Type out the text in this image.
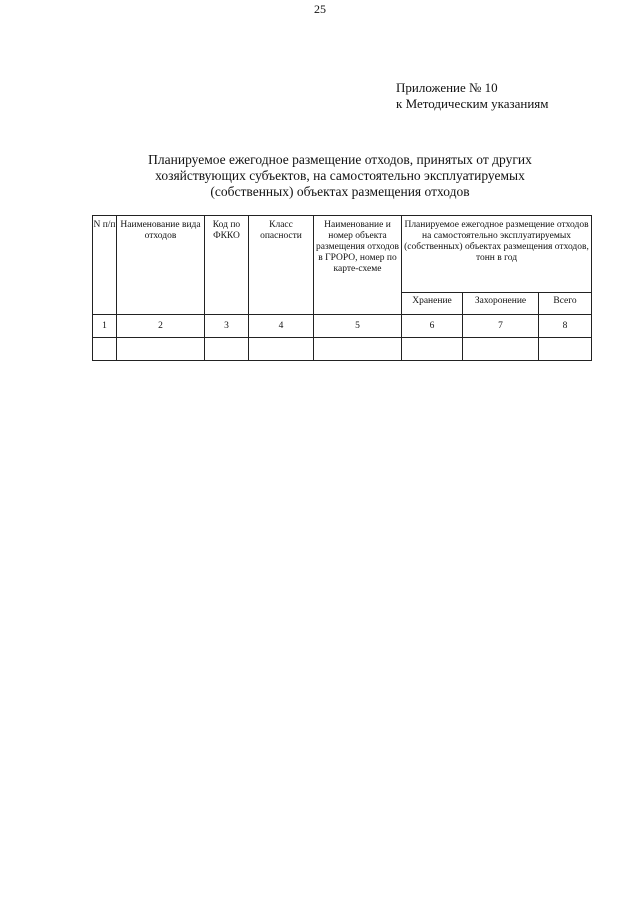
25
Приложение № 10
к Методическим указаниям
Планируемое ежегодное размещение отходов, принятых от других
хозяйствующих субъектов, на самостоятельно эксплуатируемых
(собственных) объектах размещения отходов
N п/п	Наименование вида отходов	Код по ФККО	Класс опасности	Наименование и номер объекта размещения отходов в ГРОРО, номер по карте-схеме	Планируемое ежегодное размещение отходов на самостоятельно эксплуатируемых (собственных) объектах размещения отходов, тонн в год		
					Хранение	Захоронение	Всего
1	2	3	4	5	6	7	8
